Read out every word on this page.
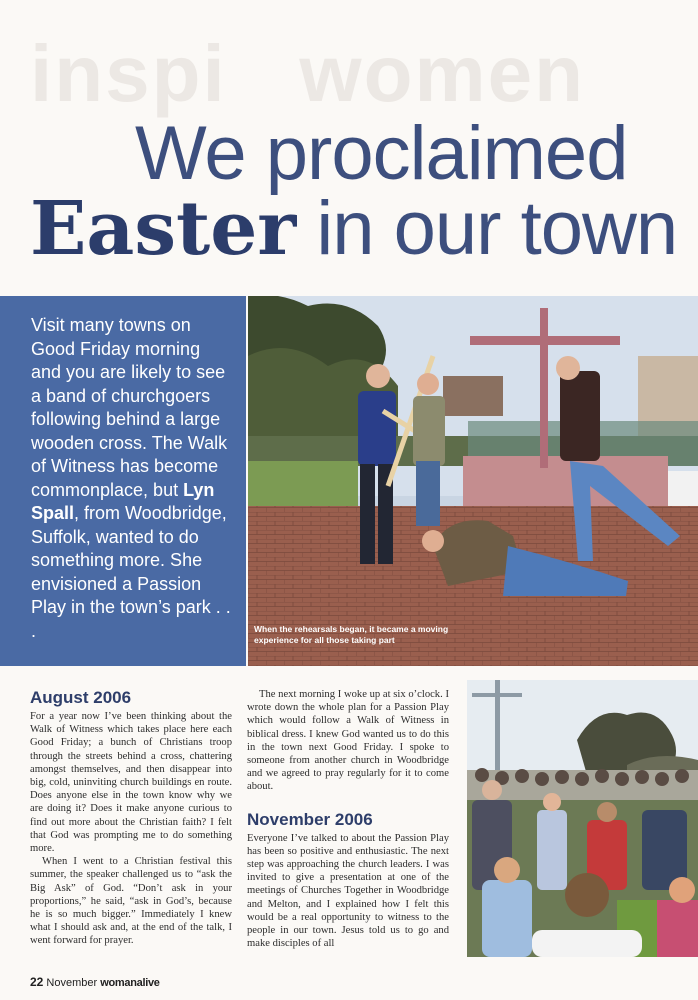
inspi   women
We proclaimed
Easter in our town
Visit many towns on Good Friday morning and you are likely to see a band of churchgoers following behind a large wooden cross. The Walk of Witness has become commonplace, but Lyn Spall, from Woodbridge, Suffolk, wanted to do something more. She envisioned a Passion Play in the town’s park . . .	When the rehearsals began, it became a moving experience for all those taking part
August 2006

For a year now I’ve been thinking about the Walk of Witness which takes place here each Good Friday; a bunch of Christians troop through the streets behind a cross, chattering amongst themselves, and then disappear into big, cold, uninviting church buildings en route. Does anyone else in the town know why we are doing it? Does it make anyone curious to find out more about the Christian faith? I felt that God was prompting me to do something more.

When I went to a Christian festival this summer, the speaker challenged us to “ask the Big Ask” of God. “Don’t ask in your proportions,” he said, “ask in God’s, because he is so much bigger.” Immediately I knew what I should ask and, at the end of the talk, I went forward for prayer.

The next morning I woke up at six o’clock. I wrote down the whole plan for a Passion Play which would follow a Walk of Witness in biblical dress. I knew God wanted us to do this in the town next Good Friday. I spoke to someone from another church in Woodbridge and we agreed to pray regularly for it to come about.

November 2006

Everyone I’ve talked to about the Passion Play has been so positive and enthusiastic. The next step was approaching the church leaders. I was invited to give a presentation at one of the meetings of Churches Together in Woodbridge and Melton, and I explained how I felt this would be a real opportunity to witness to the people in our town. Jesus told us to go and make disciples of all

22 November womanalive
